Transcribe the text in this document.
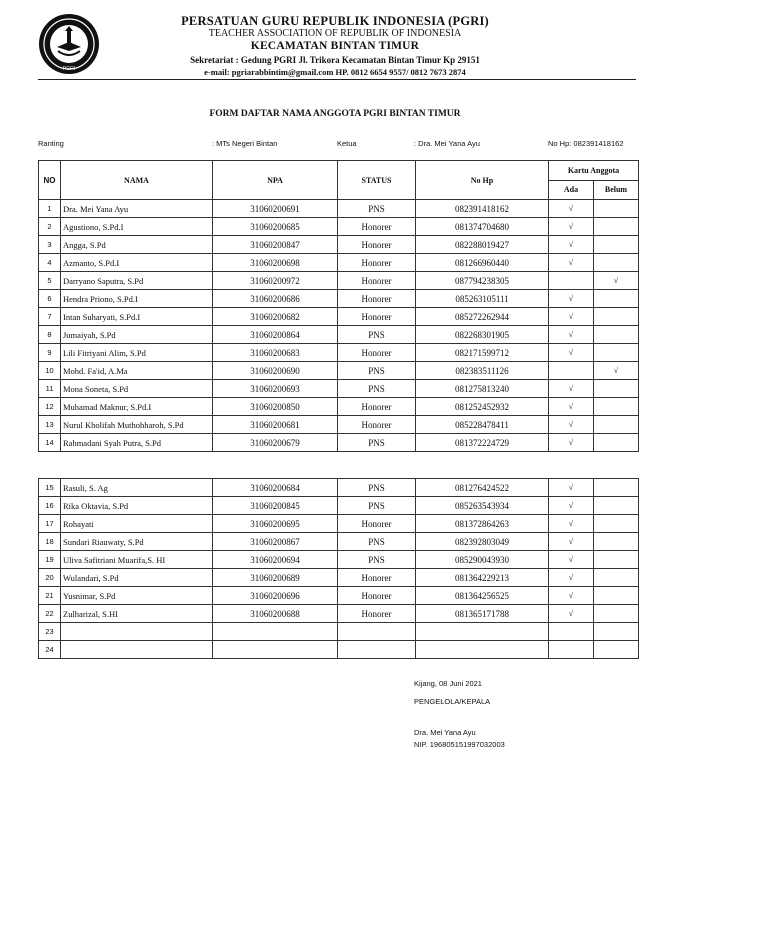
PGRI
PERSATUAN GURU REPUBLIK INDONESIA (PGRI)
TEACHER ASSOCIATION OF REPUBLIK OF INDONESIA
KECAMATAN BINTAN TIMUR
Sekretariat : Gedung PGRI Jl. Trikora Kecamatan Bintan Timur Kp 29151
e-mail: pgriarabbintim@gmail.com HP. 0812 6654 9557/ 0812 7673 2874
FORM DAFTAR NAMA ANGGOTA PGRI BINTAN TIMUR
Ranting	: MTs Negeri Bintan	Ketua	: Dra. Mei Yana Ayu	No Hp: 082391418162
NO	NAMA	NPA	STATUS	No Hp	Kartu Anggota	
					Ada	Belum
1	Dra. Mei Yana Ayu	31060200691	PNS	082391418162	√	
2	Agustiono, S.Pd.I	31060200685	Honorer	081374704680	√	
3	Angga, S.Pd	31060200847	Honorer	082288019427	√	
4	Azmanto, S.Pd.I	31060200698	Honorer	081266960440	√	
5	Darryano Saputra, S.Pd	31060200972	Honorer	087794238305		√
6	Hendra Priono, S.Pd.I	31060200686	Honorer	085263105111	√	
7	Intan Suharyati, S.Pd.I	31060200682	Honorer	085272262944	√	
8	Jumaiyah, S.Pd	31060200864	PNS	082268301905	√	
9	Lili Fitriyani Alim, S.Pd	31060200683	Honorer	082171599712	√	
10	Mohd. Fa'id, A.Ma	31060200690	PNS	082383511126		√
11	Mona Soneta, S.Pd	31060200693	PNS	081275813240	√	
12	Muhamad Maknur, S.Pd.I	31060200850	Honorer	081252452932	√	
13	Nurul Kholifah Muthohharoh, S.Pd	31060200681	Honorer	085228478411	√	
14	Rahmadani Syah Putra, S.Pd	31060200679	PNS	081372224729	√	
15	Rasuli, S. Ag	31060200684	PNS	081276424522	√	
16	Rika Oktavia, S.Pd	31060200845	PNS	085263543934	√	
17	Rohayati	31060200695	Honorer	081372864263	√	
18	Sundari Riauwaty, S.Pd	31060200867	PNS	082392803049	√	
19	Uliva Safitriani Muarifa,S. HI	31060200694	PNS	085290043930	√	
20	Wulandari, S.Pd	31060200689	Honorer	081364229213	√	
21	Yusnimar, S.Pd	31060200696	Honorer	081364256525	√	
22	Zulharizal, S.HI	31060200688	Honorer	081365171788	√	
23						
24						
Kijang, 08 Juni 2021
PENGELOLA/KEPALA
Dra. Mei Yana Ayu
NIP. 196805151997032003
